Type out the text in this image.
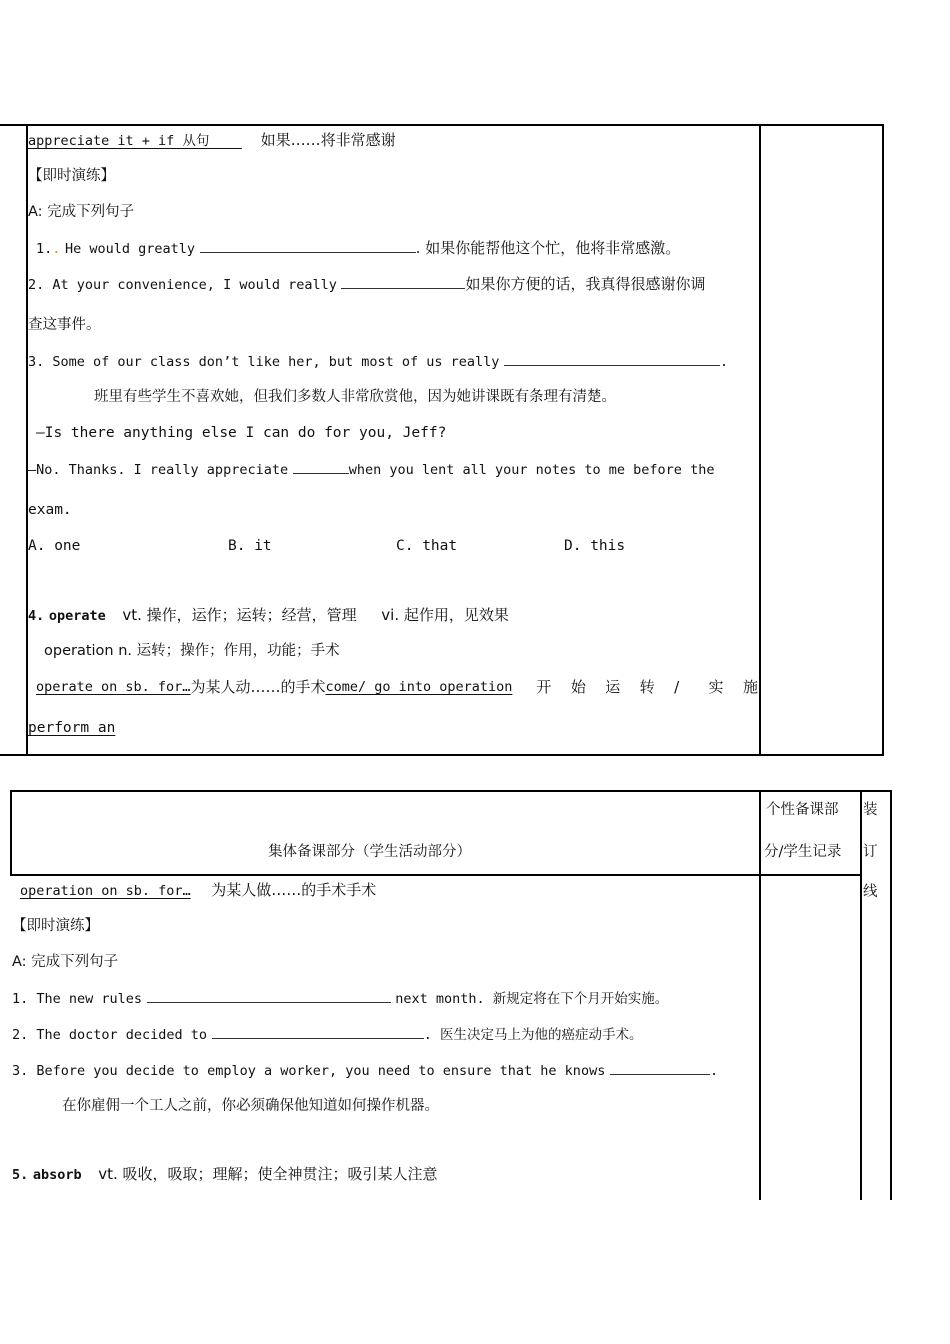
appreciate it + if 从句	如果……将非常感谢
【即时演练】
A: 完成下列句子
1.. He would greatly	. 如果你能帮他这个忙，他将非常感激。
2. At your convenience, I would really	如果你方便的话，我真得很感谢你调
查这事件。
3. Some of our class don’t like her, but most of us really	.
班里有些学生不喜欢她，但我们多数人非常欣赏他，因为她讲课既有条理有清楚。
—Is there anything else I can do for you, Jeff?
—No. Thanks. I really appreciate	when you lent all your notes to me before the
exam.
A. one	B. it	C. that	D. this
4. operate vt. 操作，运作；运转；经营，管理 vi. 起作用，见效果
operation n. 运转；操作；作用，功能；手术
operate on sb. for… 为某人动……的手术 come/ go into operation 开 始 运 转 / 实 施
perform an
集体备课部分（学生活动部分）
个性备课部
分/学生记录
装
订
线
operation on sb. for… 为某人做……的手术手术
【即时演练】
A: 完成下列句子
1. The new rules	next month. 新规定将在下个月开始实施。
2. The doctor decided to	. 医生决定马上为他的癌症动手术。
3. Before you decide to employ a worker, you need to ensure that he knows	.
在你雇佣一个工人之前，你必须确保他知道如何操作机器。
5. absorb vt. 吸收，吸取；理解；使全神贯注；吸引某人注意
